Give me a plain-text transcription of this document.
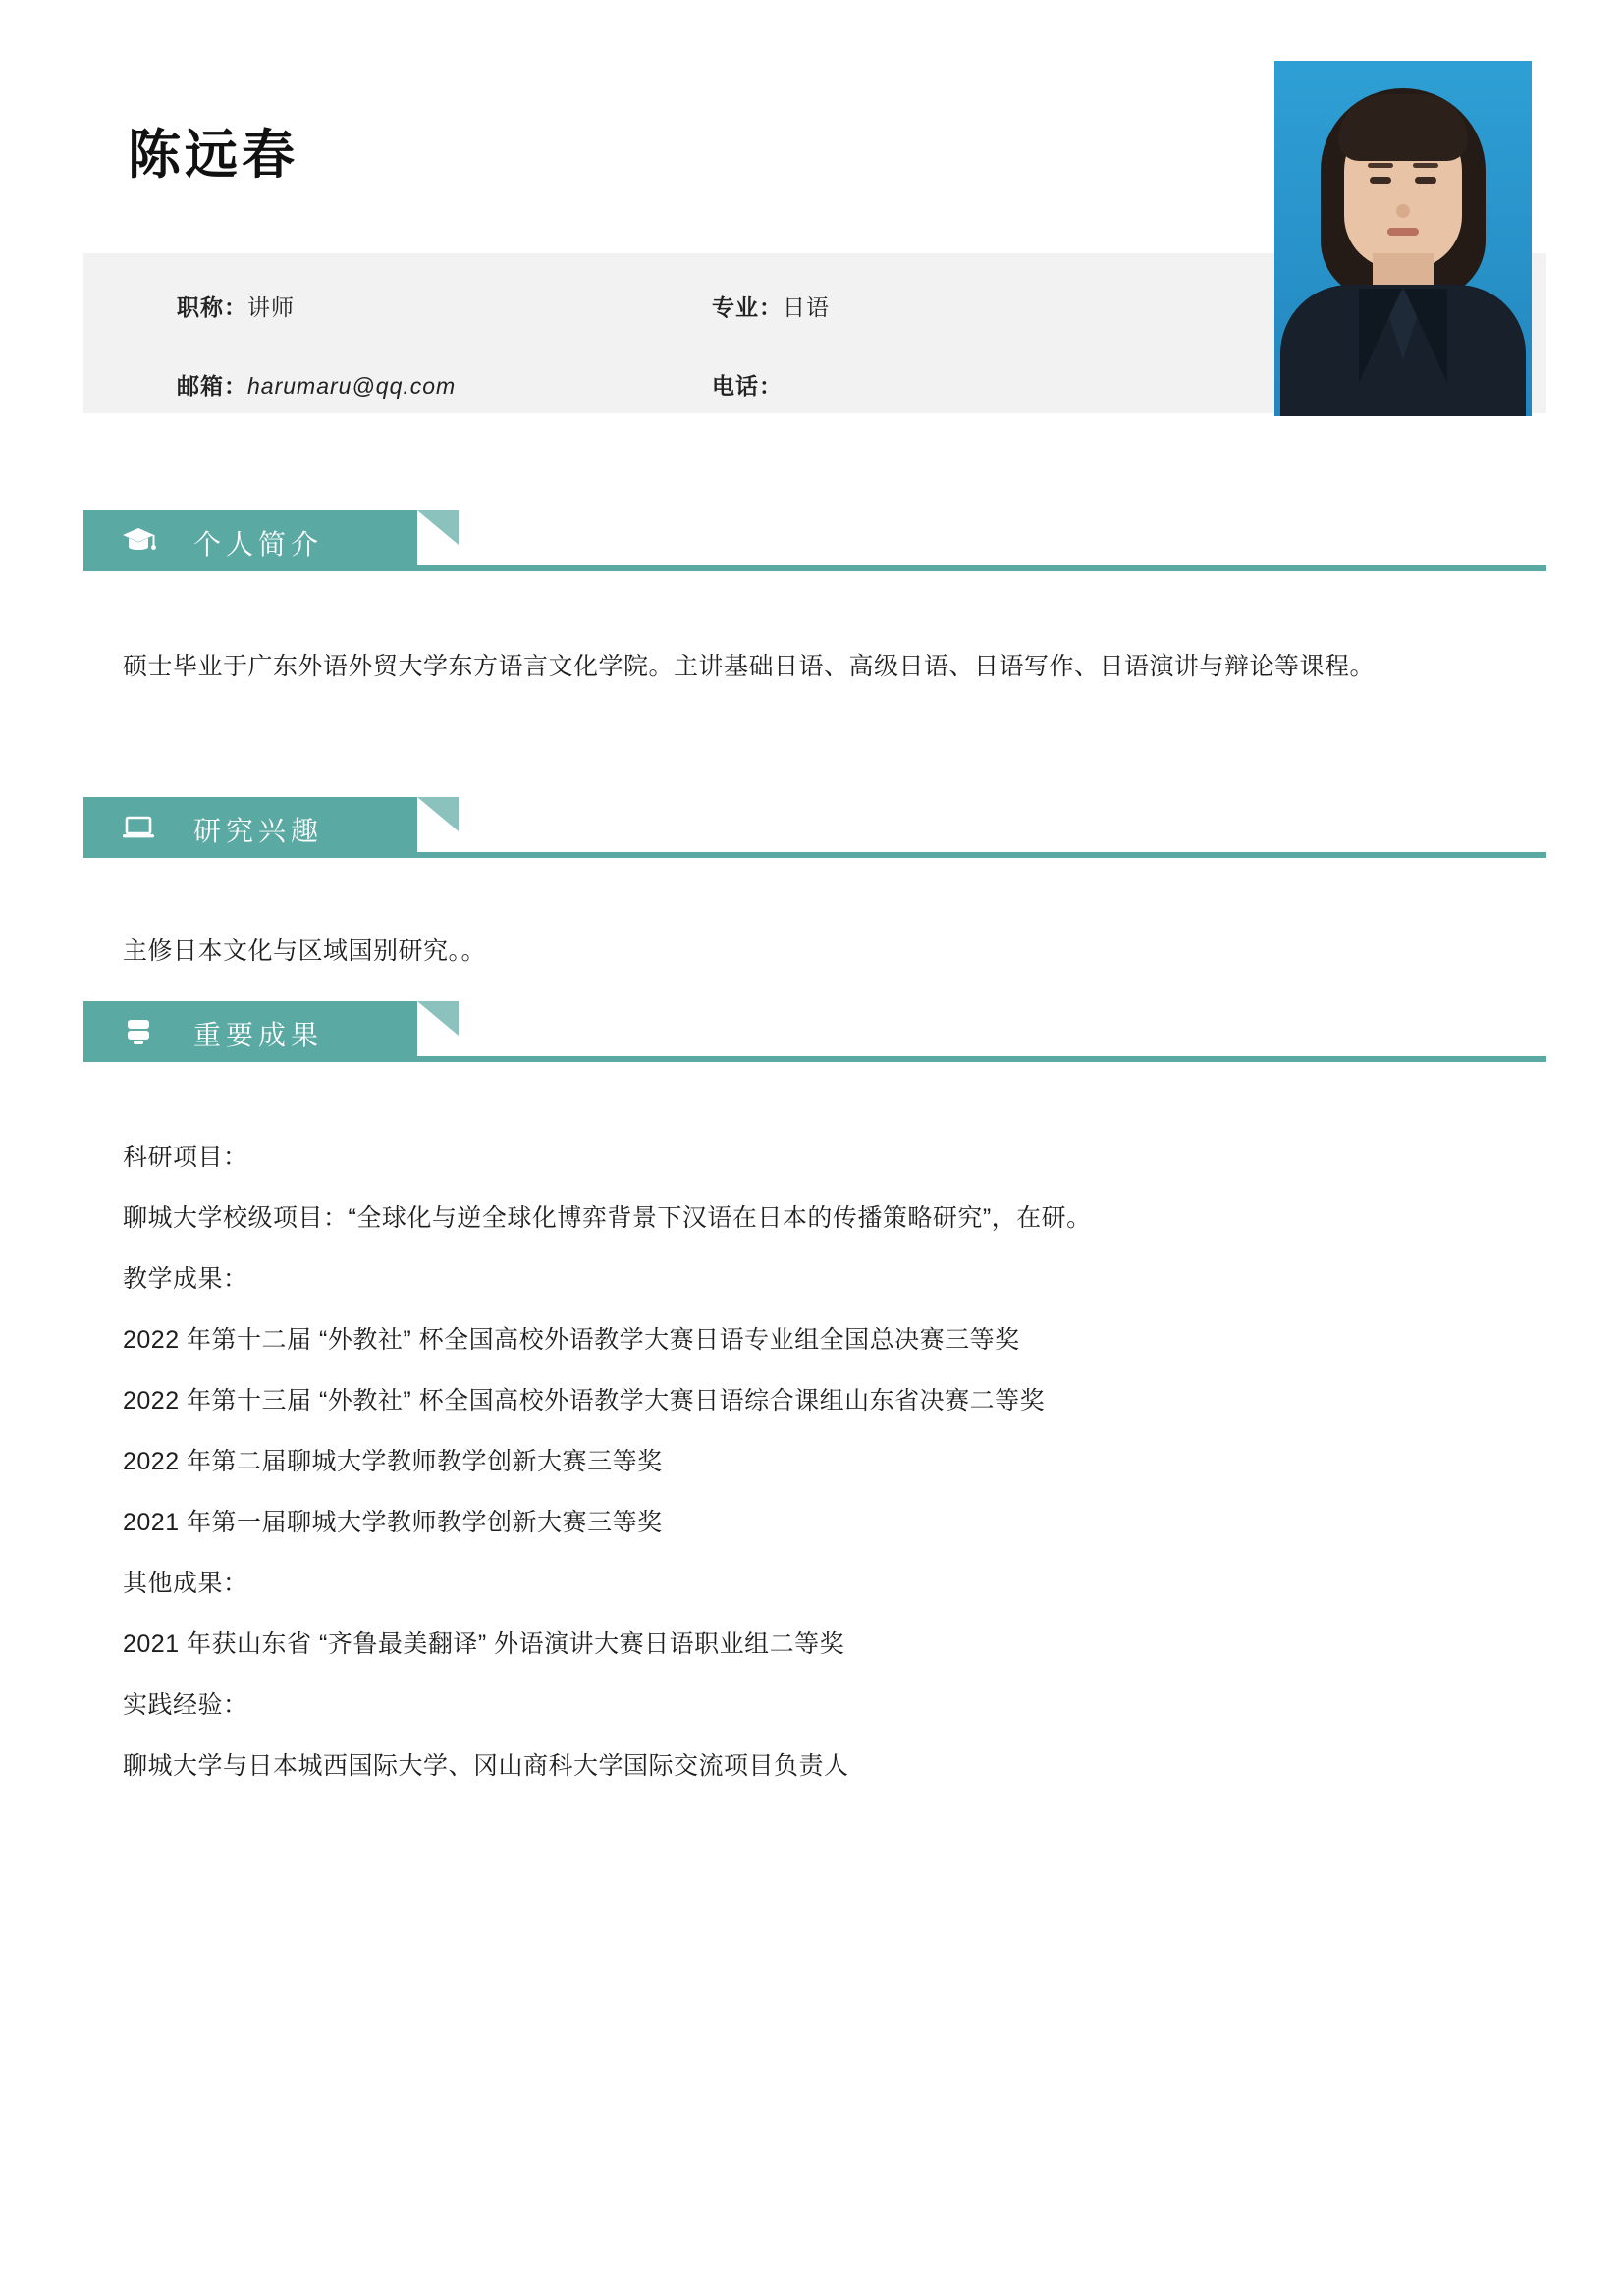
陈远春
职称：讲师	专业：日语
邮箱：harumaru@qq.com	电话：
个人简介

硕士毕业于广东外语外贸大学东方语言文化学院。主讲基础日语、高级日语、日语写作、日语演讲与辩论等课程。

研究兴趣

主修日本文化与区域国别研究。。

重要成果

科研项目：

聊城大学校级项目：“全球化与逆全球化博弈背景下汉语在日本的传播策略研究”，在研。

教学成果：

2022 年第十二届 “外教社” 杯全国高校外语教学大赛日语专业组全国总决赛三等奖

2022 年第十三届 “外教社” 杯全国高校外语教学大赛日语综合课组山东省决赛二等奖

2022 年第二届聊城大学教师教学创新大赛三等奖

2021 年第一届聊城大学教师教学创新大赛三等奖

其他成果：

2021 年获山东省 “齐鲁最美翻译” 外语演讲大赛日语职业组二等奖

实践经验：

聊城大学与日本城西国际大学、冈山商科大学国际交流项目负责人
